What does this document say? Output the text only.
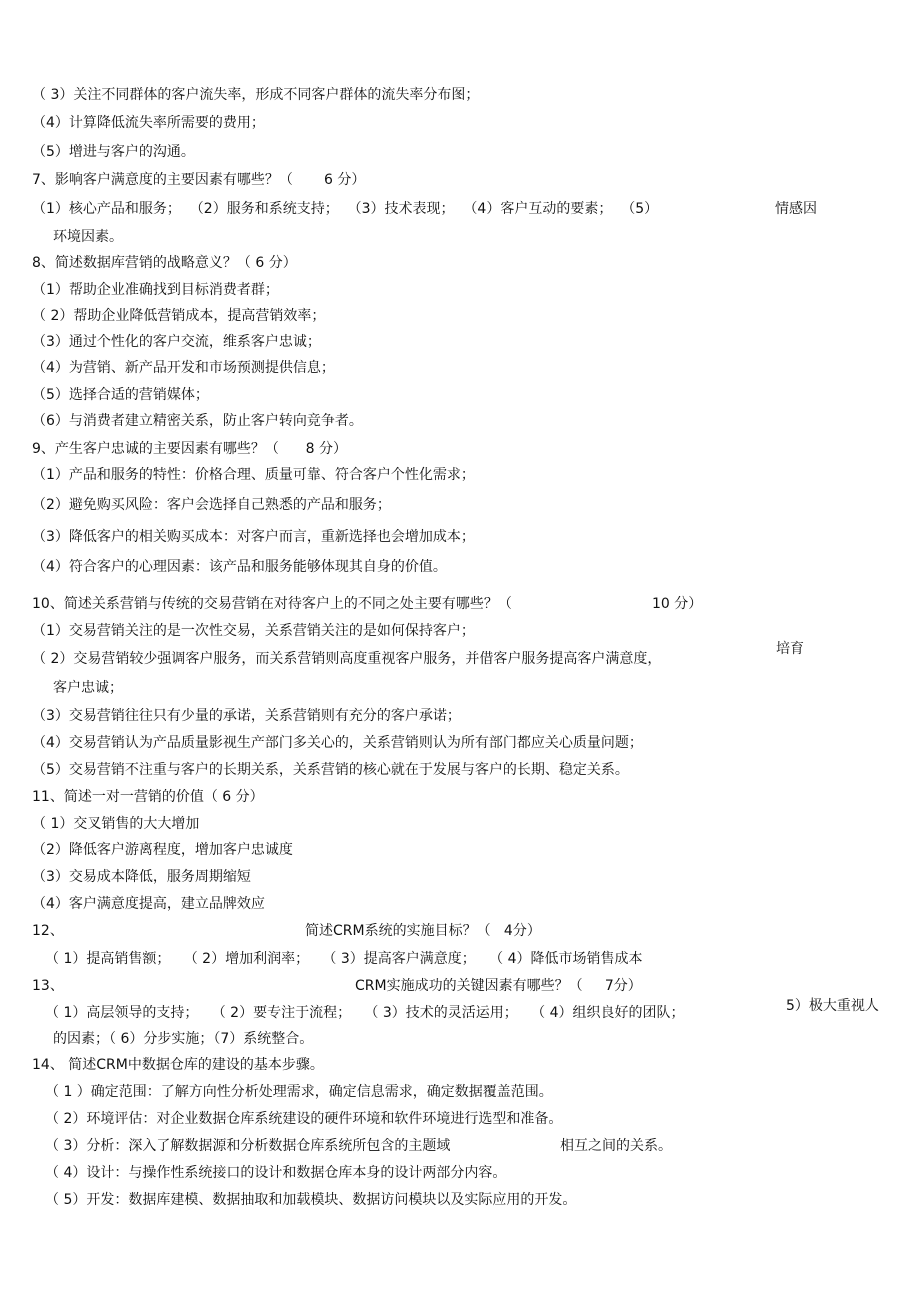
（ 3）关注不同群体的客户流失率，形成不同客户群体的流失率分布图；
（4）计算降低流失率所需要的费用；
（5）增进与客户的沟通。
7、影响客户满意度的主要因素有哪些？（       6 分）
（1）核心产品和服务；  （2）服务和系统支持；  （3）技术表现；  （4）客户互动的要素；  （5）	情感因
环境因素。
8、简述数据库营销的战略意义？（ 6 分）
（1）帮助企业准确找到目标消费者群；
（ 2）帮助企业降低营销成本，提高营销效率；
（3）通过个性化的客户交流，维系客户忠诚；
（4）为营销、新产品开发和市场预测提供信息；
（5）选择合适的营销媒体；
（6）与消费者建立精密关系，防止客户转向竞争者。
9、产生客户忠诚的主要因素有哪些？（      8 分）
（1）产品和服务的特性：价格合理、质量可靠、符合客户个性化需求；
（2）避免购买风险：客户会选择自己熟悉的产品和服务；
（3）降低客户的相关购买成本：对客户而言，重新选择也会增加成本；
（4）符合客户的心理因素：该产品和服务能够体现其自身的价值。
10、简述关系营销与传统的交易营销在对待客户上的不同之处主要有哪些？（	10 分）
（1）交易营销关注的是一次性交易，关系营销关注的是如何保持客户；
培育
（ 2）交易营销较少强调客户服务，而关系营销则高度重视客户服务，并借客户服务提高客户满意度，
客户忠诚；
（3）交易营销往往只有少量的承诺，关系营销则有充分的客户承诺；
（4）交易营销认为产品质量影视生产部门多关心的，关系营销则认为所有部门都应关心质量问题；
（5）交易营销不注重与客户的长期关系，关系营销的核心就在于发展与客户的长期、稳定关系。
11、简述一对一营销的价值（ 6 分）
（ 1）交叉销售的大大增加
（2）降低客户游离程度，增加客户忠诚度
（3）交易成本降低，服务周期缩短
（4）客户满意度提高，建立品牌效应
12、	简述CRM系统的实施目标？（   4分）
（ 1）提高销售额；   （ 2）增加利润率；   （ 3）提高客户满意度；   （ 4）降低市场销售成本
13、	CRM实施成功的关键因素有哪些？（     7分）
（ 1）高层领导的支持；   （ 2）要专注于流程；   （ 3）技术的灵活运用；   （ 4）组织良好的团队；	5）极大重视人
的因素；（ 6）分步实施；（7）系统整合。
14、 简述CRM中数据仓库的建设的基本步骤。
（ 1 ）确定范围：了解方向性分析处理需求，确定信息需求，确定数据覆盖范围。
（ 2）环境评估：对企业数据仓库系统建设的硬件环境和软件环境进行选型和准备。
（ 3）分析：深入了解数据源和分析数据仓库系统所包含的主题域	相互之间的关系。
（ 4）设计：与操作性系统接口的设计和数据仓库本身的设计两部分内容。
（ 5）开发：数据库建模、数据抽取和加载模块、数据访问模块以及实际应用的开发。
